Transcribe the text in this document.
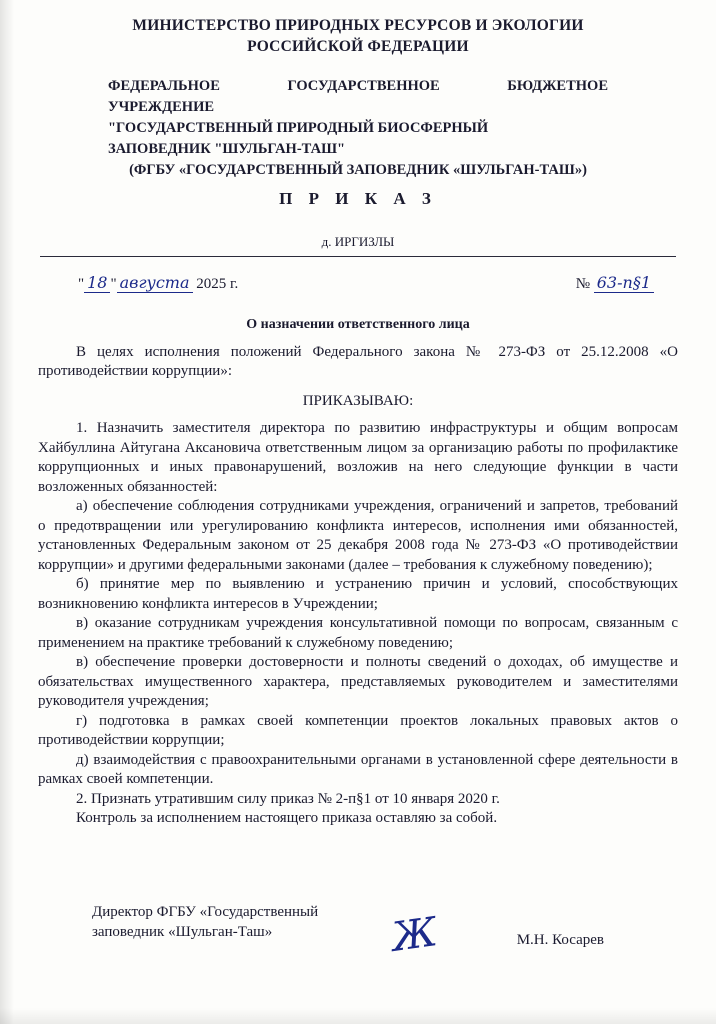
МИНИСТЕРСТВО ПРИРОДНЫХ РЕСУРСОВ И ЭКОЛОГИИ
РОССИЙСКОЙ ФЕДЕРАЦИИ
ФЕДЕРАЛЬНОЕ ГОСУДАРСТВЕННОЕ БЮДЖЕТНОЕ
УЧРЕЖДЕНИЕ
"ГОСУДАРСТВЕННЫЙ ПРИРОДНЫЙ БИОСФЕРНЫЙ
ЗАПОВЕДНИК "ШУЛЬГАН-ТАШ"
(ФГБУ «ГОСУДАРСТВЕННЫЙ ЗАПОВЕДНИК «ШУЛЬГАН-ТАШ»)
П Р И К А З
д. ИРГИЗЛЫ
" 18 " августа 2025 г.	№ 63-п§1
О назначении ответственного лица

В целях исполнения положений Федерального закона № 273-ФЗ от 25.12.2008 «О противодействии коррупции»:

ПРИКАЗЫВАЮ:

1. Назначить заместителя директора по развитию инфраструктуры и общим вопросам Хайбуллина Айтугана Аксановича ответственным лицом за организацию работы по профилактике коррупционных и иных правонарушений, возложив на него следующие функции в части возложенных обязанностей:

а) обеспечение соблюдения сотрудниками учреждения, ограничений и запретов, требований о предотвращении или урегулированию конфликта интересов, исполнения ими обязанностей, установленных Федеральным законом от 25 декабря 2008 года № 273-ФЗ «О противодействии коррупции» и другими федеральными законами (далее – требования к служебному поведению);

б) принятие мер по выявлению и устранению причин и условий, способствующих возникновению конфликта интересов в Учреждении;

в) оказание сотрудникам учреждения консультативной помощи по вопросам, связанным с применением на практике требований к служебному поведению;

в) обеспечение проверки достоверности и полноты сведений о доходах, об имуществе и обязательствах имущественного характера, представляемых руководителем и заместителями руководителя учреждения;

г) подготовка в рамках своей компетенции проектов локальных правовых актов о противодействии коррупции;

д) взаимодействия с правоохранительными органами в установленной сфере деятельности в рамках своей компетенции.

2. Признать утратившим силу приказ № 2-п§1 от 10 января 2020 г.

Контроль за исполнением настоящего приказа оставляю за собой.

Директор ФГБУ «Государственный
заповедник «Шульган-Таш»	Ж	М.Н. Косарев
